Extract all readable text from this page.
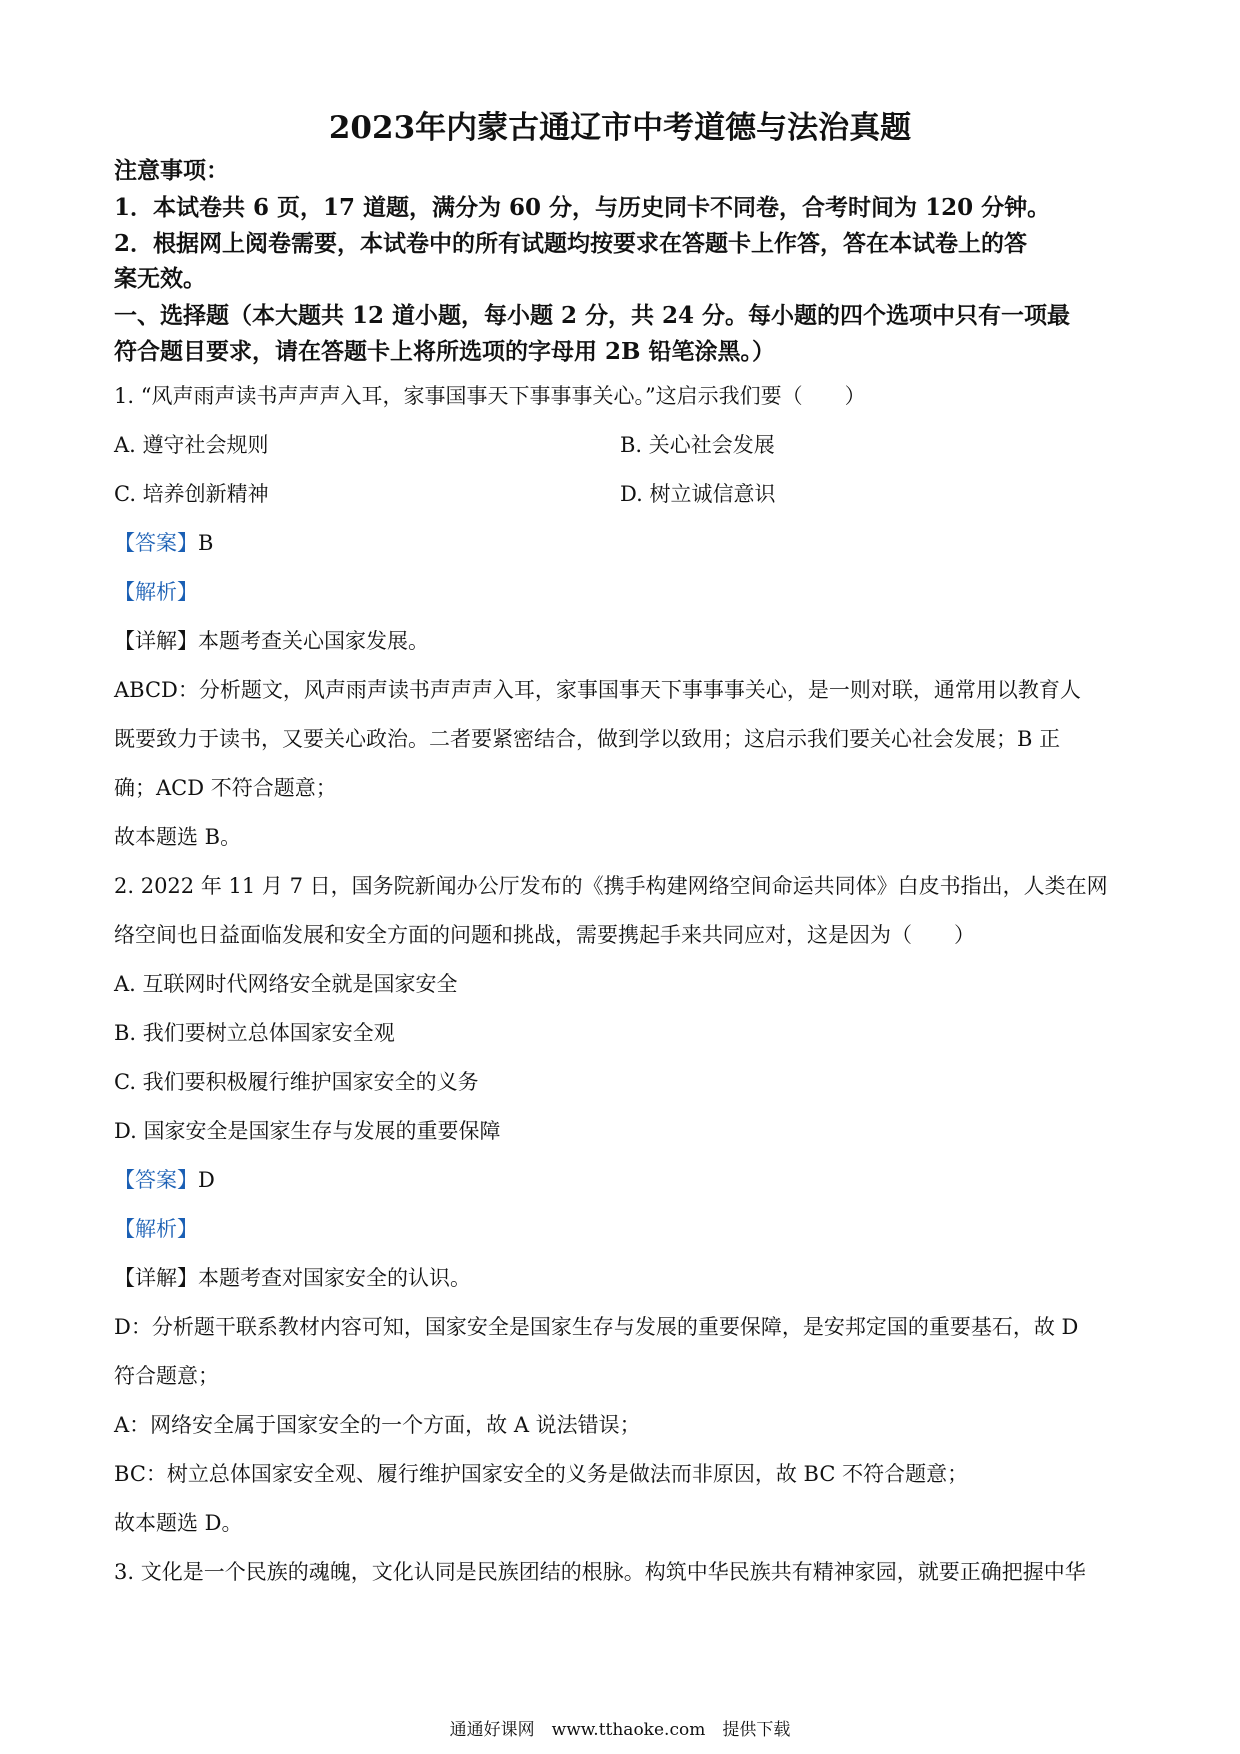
2023年内蒙古通辽市中考道德与法治真题
注意事项：
1．本试卷共 6 页，17 道题，满分为 60 分，与历史同卡不同卷，合考时间为 120 分钟。
2．根据网上阅卷需要，本试卷中的所有试题均按要求在答题卡上作答，答在本试卷上的答
案无效。
一、选择题（本大题共 12 道小题，每小题 2 分，共 24 分。每小题的四个选项中只有一项最
符合题目要求，请在答题卡上将所选项的字母用 2B 铅笔涂黑。）
1. “风声雨声读书声声声入耳，家事国事天下事事事关心。”这启示我们要（　　）
A. 遵守社会规则	B. 关心社会发展
C. 培养创新精神	D. 树立诚信意识
【答案】B
【解析】
【详解】本题考查关心国家发展。
ABCD：分析题文，风声雨声读书声声声入耳，家事国事天下事事事关心，是一则对联，通常用以教育人
既要致力于读书，又要关心政治。二者要紧密结合，做到学以致用；这启示我们要关心社会发展；B 正
确；ACD 不符合题意；
故本题选 B。
2. 2022 年 11 月 7 日，国务院新闻办公厅发布的《携手构建网络空间命运共同体》白皮书指出，人类在网
络空间也日益面临发展和安全方面的问题和挑战，需要携起手来共同应对，这是因为（　　）
A. 互联网时代网络安全就是国家安全
B. 我们要树立总体国家安全观
C. 我们要积极履行维护国家安全的义务
D. 国家安全是国家生存与发展的重要保障
【答案】D
【解析】
【详解】本题考查对国家安全的认识。
D：分析题干联系教材内容可知，国家安全是国家生存与发展的重要保障，是安邦定国的重要基石，故 D
符合题意；
A：网络安全属于国家安全的一个方面，故 A 说法错误；
BC：树立总体国家安全观、履行维护国家安全的义务是做法而非原因，故 BC 不符合题意；
故本题选 D。
3. 文化是一个民族的魂魄，文化认同是民族团结的根脉。构筑中华民族共有精神家园，就要正确把握中华
通通好课网　www.tthaoke.com　提供下载
